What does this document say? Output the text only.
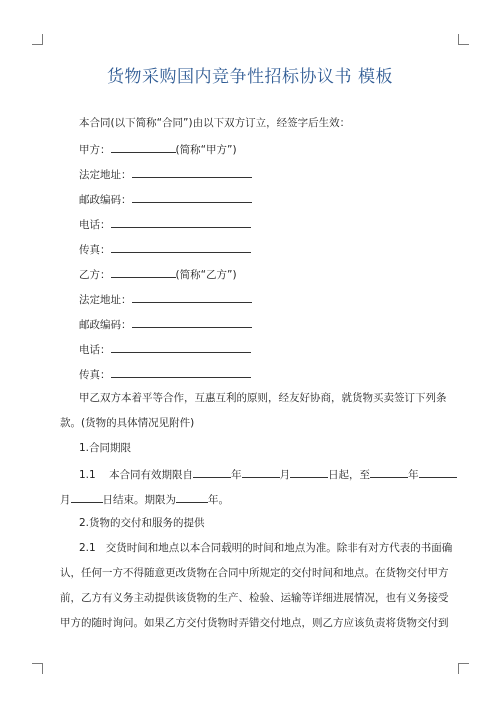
货物采购国内竞争性招标协议书 模板
本合同(以下简称“合同”)由以下双方订立，经签字后生效：
甲方：	(简称“甲方”)
法定地址：
邮政编码：
电话：
传真：
乙方：	(简称“乙方”)
法定地址：
邮政编码：
电话：
传真：
甲乙双方本着平等合作，互惠互利的原则，经友好协商，就货物买卖签订下列条
款。(货物的具体情况见附件)
1.合同期限
1.1 本合同有效期限自	年	月	日起，至	年
月	日结束。期限为	年。
2.货物的交付和服务的提供
2.1 交货时间和地点以本合同载明的时间和地点为准。除非有对方代表的书面确
认，任何一方不得随意更改货物在合同中所规定的交付时间和地点。在货物交付甲方
前，乙方有义务主动提供该货物的生产、检验、运输等详细进展情况，也有义务接受
甲方的随时询问。如果乙方交付货物时弄错交付地点，则乙方应该负责将货物交付到
